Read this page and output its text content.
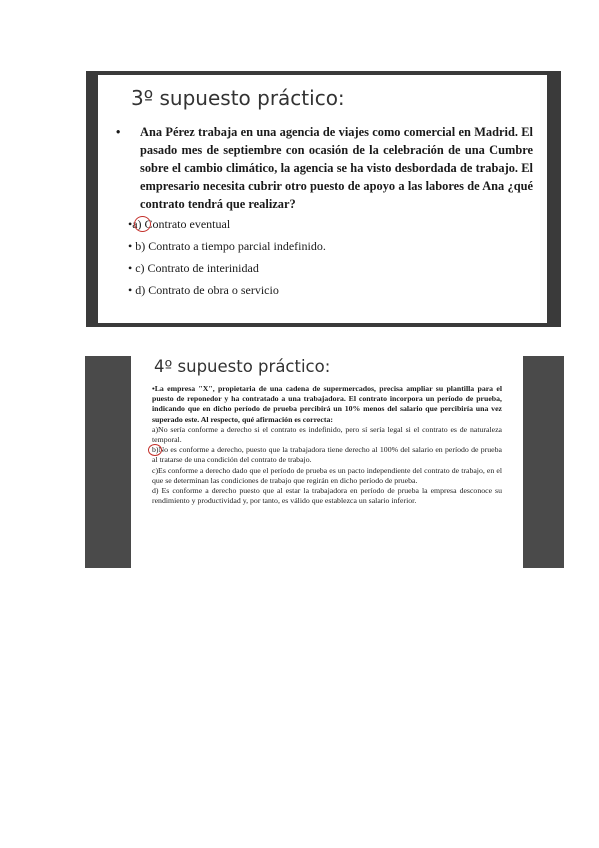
3º supuesto práctico:
• Ana Pérez trabaja en una agencia de viajes como comercial en Madrid. El pasado mes de septiembre con ocasión de la celebración de una Cumbre sobre el cambio climático, la agencia se ha visto desbordada de trabajo. El empresario necesita cubrir otro puesto de apoyo a las labores de Ana ¿qué contrato tendrá que realizar?
•a) Contrato eventual
• b) Contrato a tiempo parcial indefinido.
• c) Contrato de interinidad
• d) Contrato de obra o servicio
4º supuesto práctico:
•La empresa "X", propietaria de una cadena de supermercados, precisa ampliar su plantilla para el puesto de reponedor y ha contratado a una trabajadora. El contrato incorpora un período de prueba, indicando que en dicho período de prueba percibirá un 10% menos del salario que percibiría una vez superado este. Al respecto, qué afirmación es correcta:
a)No sería conforme a derecho si el contrato es indefinido, pero sí sería legal si el contrato es de naturaleza temporal.
b)No es conforme a derecho, puesto que la trabajadora tiene derecho al 100% del salario en período de prueba al tratarse de una condición del contrato de trabajo.
c)Es conforme a derecho dado que el período de prueba es un pacto independiente del contrato de trabajo, en el que se determinan las condiciones de trabajo que regirán en dicho período de prueba.
d) Es conforme a derecho puesto que al estar la trabajadora en período de prueba la empresa desconoce su rendimiento y productividad y, por tanto, es válido que establezca un salario inferior.
